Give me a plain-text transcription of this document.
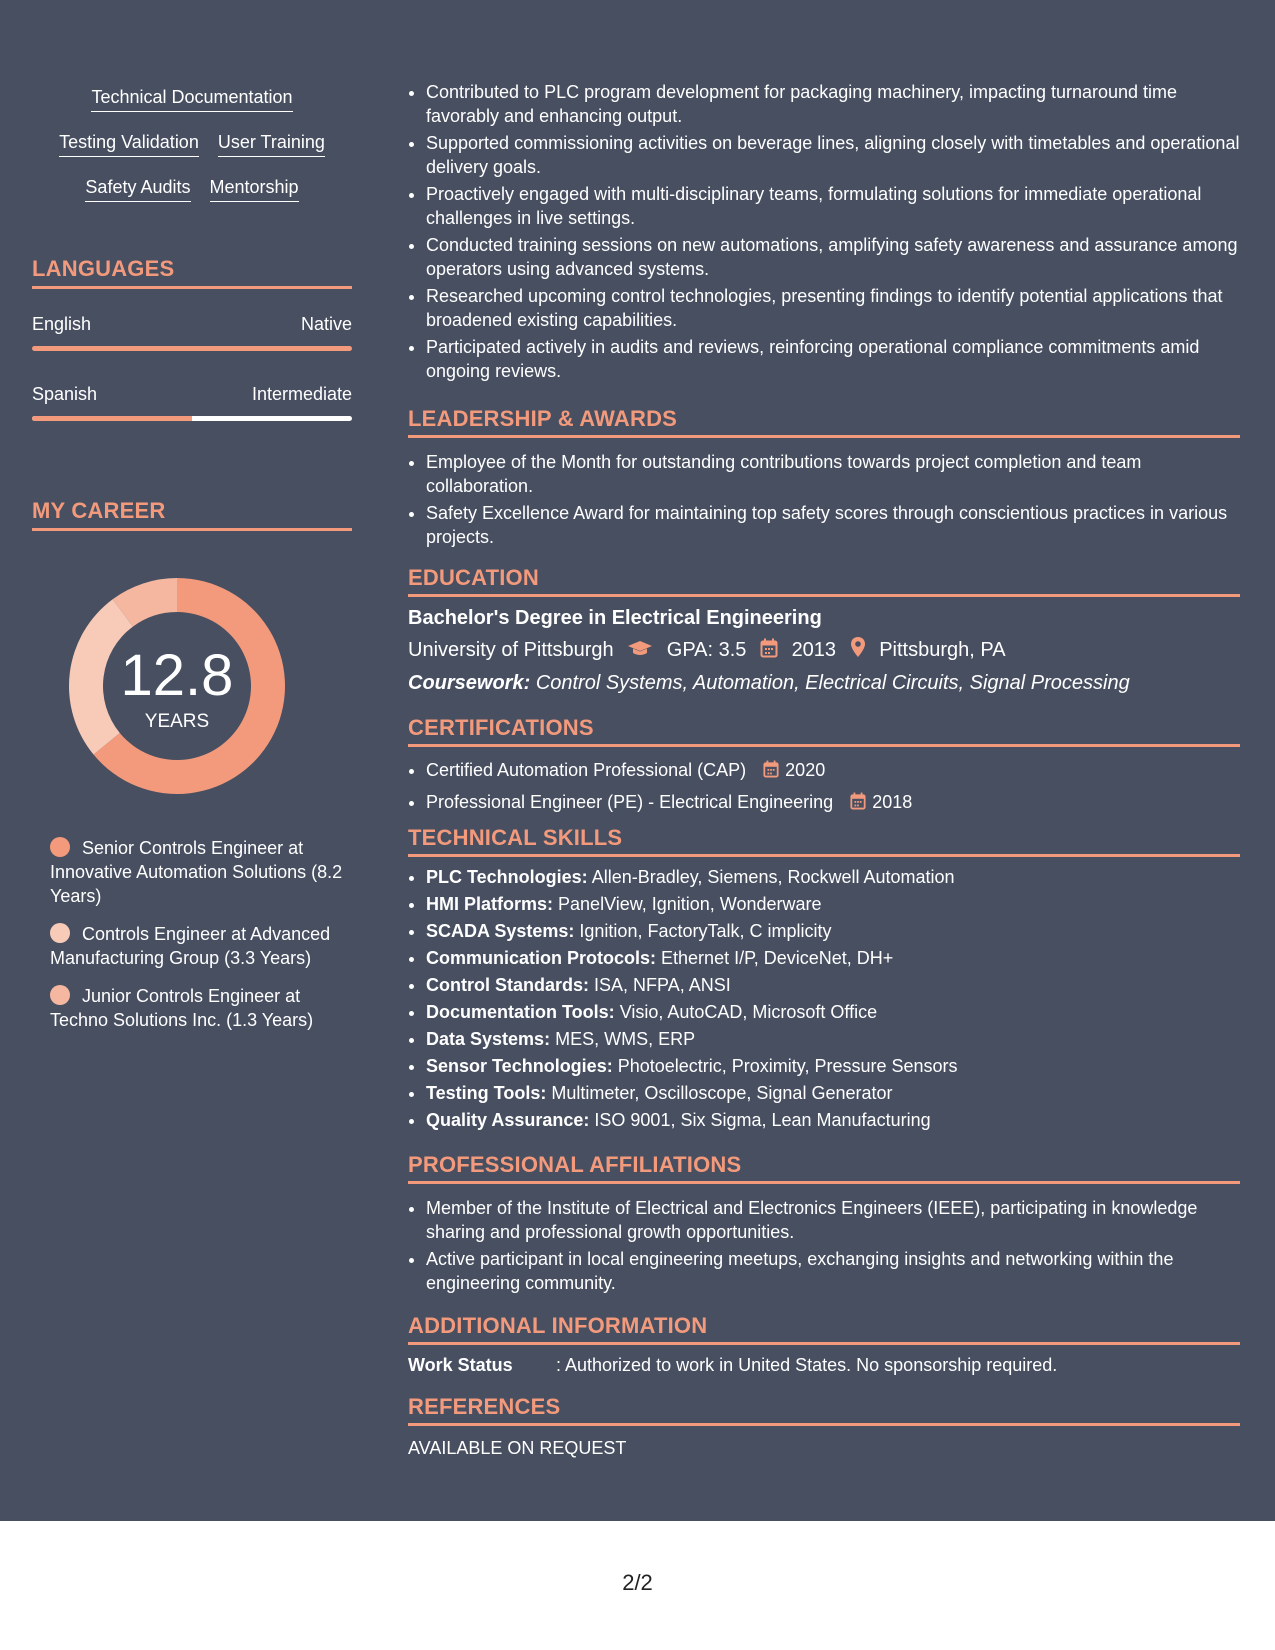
Technical Documentation
Testing Validation User Training
Safety Audits Mentorship
LANGUAGES
English	Native
Spanish	Intermediate
MY CAREER
12.8
YEARS
Senior Controls Engineer at Innovative Automation Solutions (8.2 Years)
Controls Engineer at Advanced Manufacturing Group (3.3 Years)
Junior Controls Engineer at Techno Solutions Inc. (1.3 Years)
• Contributed to PLC program development for packaging machinery, impacting turnaround time favorably and enhancing output.
• Supported commissioning activities on beverage lines, aligning closely with timetables and operational delivery goals.
• Proactively engaged with multi-disciplinary teams, formulating solutions for immediate operational challenges in live settings.
• Conducted training sessions on new automations, amplifying safety awareness and assurance among operators using advanced systems.
• Researched upcoming control technologies, presenting findings to identify potential applications that broadened existing capabilities.
• Participated actively in audits and reviews, reinforcing operational compliance commitments amid ongoing reviews.
LEADERSHIP & AWARDS
• Employee of the Month for outstanding contributions towards project completion and team collaboration.
• Safety Excellence Award for maintaining top safety scores through conscientious practices in various projects.
EDUCATION
Bachelor's Degree in Electrical Engineering
University of Pittsburgh	GPA: 3.5 2013 Pittsburgh, PA
Coursework: Control Systems, Automation, Electrical Circuits, Signal Processing
CERTIFICATIONS
• Certified Automation Professional (CAP) 2020
• Professional Engineer (PE) - Electrical Engineering 2018
TECHNICAL SKILLS
• PLC Technologies: Allen-Bradley, Siemens, Rockwell Automation
• HMI Platforms: PanelView, Ignition, Wonderware
• SCADA Systems: Ignition, FactoryTalk, C implicity
• Communication Protocols: Ethernet I/P, DeviceNet, DH+
• Control Standards: ISA, NFPA, ANSI
• Documentation Tools: Visio, AutoCAD, Microsoft Office
• Data Systems: MES, WMS, ERP
• Sensor Technologies: Photoelectric, Proximity, Pressure Sensors
• Testing Tools: Multimeter, Oscilloscope, Signal Generator
• Quality Assurance: ISO 9001, Six Sigma, Lean Manufacturing
PROFESSIONAL AFFILIATIONS
• Member of the Institute of Electrical and Electronics Engineers (IEEE), participating in knowledge sharing and professional growth opportunities.
• Active participant in local engineering meetups, exchanging insights and networking within the engineering community.
ADDITIONAL INFORMATION
Work Status : Authorized to work in United States. No sponsorship required.
REFERENCES
AVAILABLE ON REQUEST
2/2
